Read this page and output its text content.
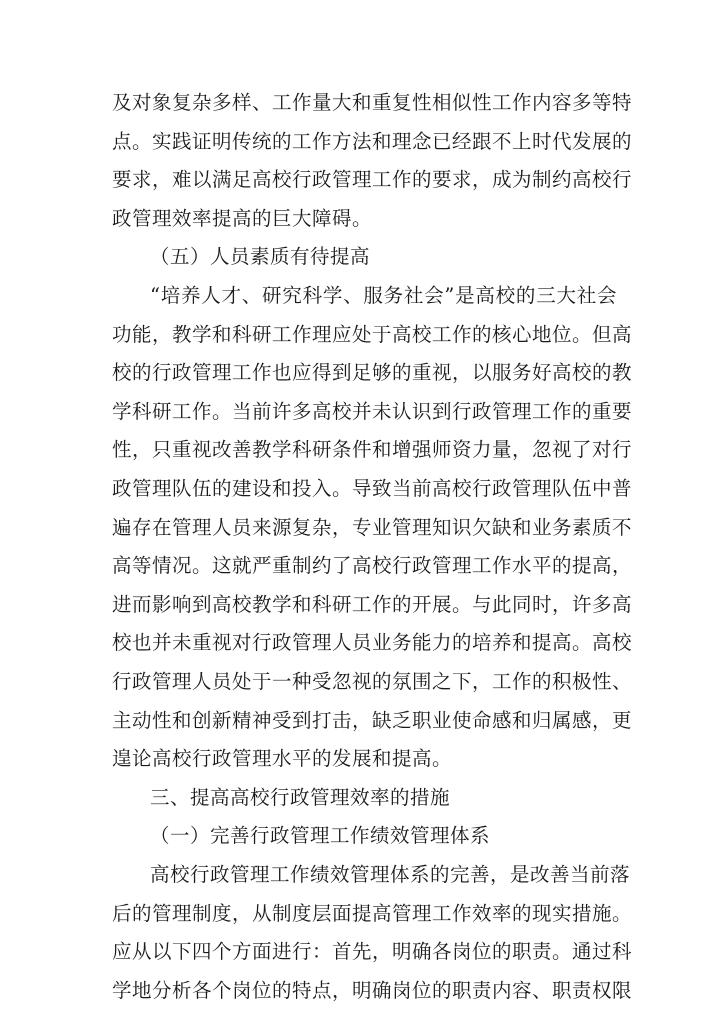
及对象复杂多样、工作量大和重复性相似性工作内容多等特
点。实践证明传统的工作方法和理念已经跟不上时代发展的
要求，难以满足高校行政管理工作的要求，成为制约高校行
政管理效率提高的巨大障碍。
（五）人员素质有待提高
“培养人才、研究科学、服务社会”是高校的三大社会
功能，教学和科研工作理应处于高校工作的核心地位。但高
校的行政管理工作也应得到足够的重视，以服务好高校的教
学科研工作。当前许多高校并未认识到行政管理工作的重要
性，只重视改善教学科研条件和增强师资力量，忽视了对行
政管理队伍的建设和投入。导致当前高校行政管理队伍中普
遍存在管理人员来源复杂，专业管理知识欠缺和业务素质不
高等情况。这就严重制约了高校行政管理工作水平的提高，
进而影响到高校教学和科研工作的开展。与此同时，许多高
校也并未重视对行政管理人员业务能力的培养和提高。高校
行政管理人员处于一种受忽视的氛围之下，工作的积极性、
主动性和创新精神受到打击，缺乏职业使命感和归属感，更
遑论高校行政管理水平的发展和提高。
三、提高高校行政管理效率的措施
（一）完善行政管理工作绩效管理体系
高校行政管理工作绩效管理体系的完善，是改善当前落
后的管理制度，从制度层面提高管理工作效率的现实措施。
应从以下四个方面进行：首先，明确各岗位的职责。通过科
学地分析各个岗位的特点，明确岗位的职责内容、职责权限
